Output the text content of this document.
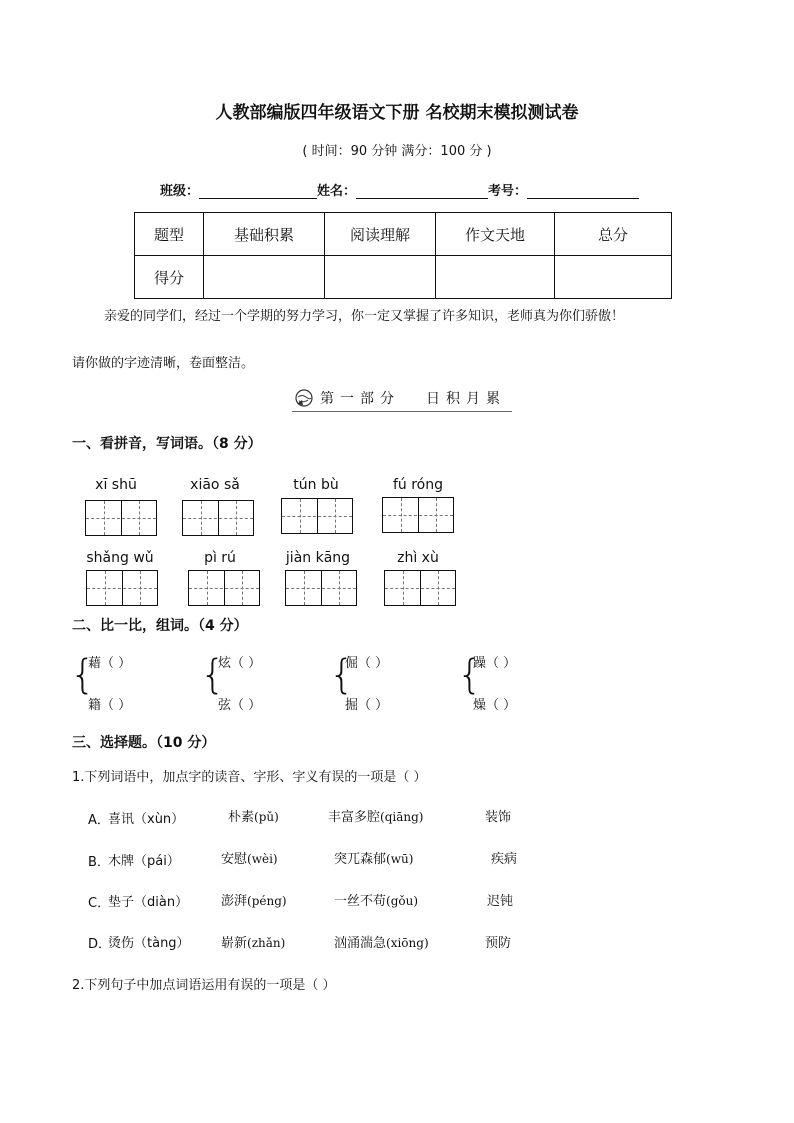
人教部编版四年级语文下册 名校期末模拟测试卷
( 时间：90 分钟 满分：100 分 )
班级：	姓名：	考号：
题型	基础积累	阅读理解	作文天地	总分
得分				
亲爱的同学们，经过一个学期的努力学习，你一定又掌握了许多知识，老师真为你们骄傲！
请你做的字迹清晰，卷面整洁。
第一部分 日积月累
一、看拼音，写词语。（8 分）
xī shū	xiāo sǎ	tún bù	fú róng
shǎng wǔ	pì rú	jiàn kāng	zhì xù
二、比一比，组词。（4 分）
{
藉（ ）
籍（ ）
{
炫（ ）
弦（ ）
{
倔（ ）
掘（ ）
{
躁（ ）
燥（ ）
三、选择题。（10 分）
1.下列词语中，加点字的读音、字形、字义有误的一项是（ ）
A．
喜讯（xùn）	朴素(pǔ)	丰富多腔(qiāng)	装饰
B．
木牌（pái）	安慰(wèi)	突兀森郁(wū)	疾病
C．
垫子（diàn）	澎湃(péng)	一丝不苟(gǒu)	迟钝
D．
烫伤（tàng） 崭新(zhǎn)	汹涌湍急(xiōng)	预防
2.下列句子中加点词语运用有误的一项是（ ）
